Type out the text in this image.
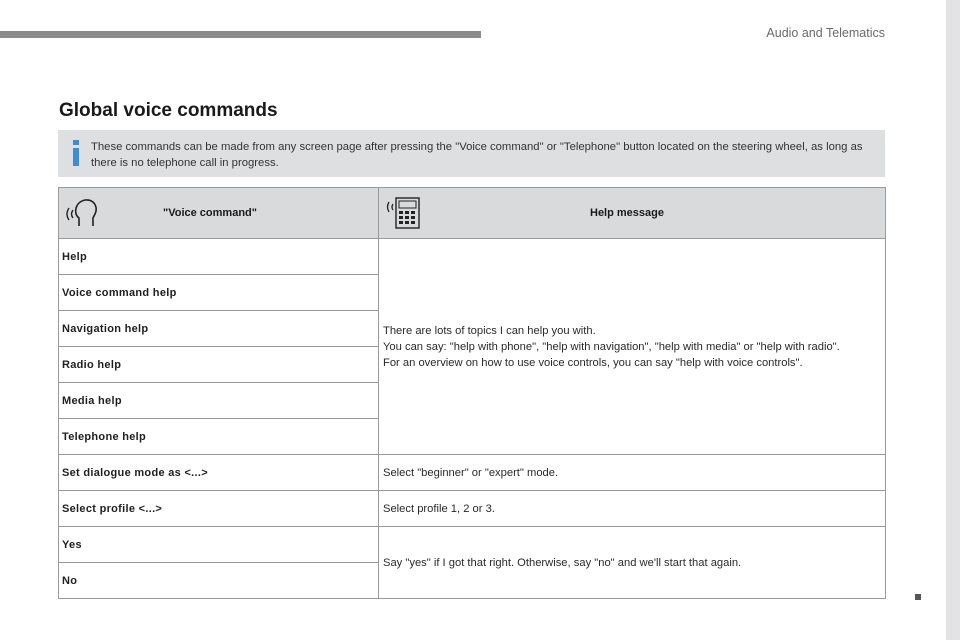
Audio and Telematics
Global voice commands
These commands can be made from any screen page after pressing the "Voice command" or "Telephone" button located on the steering wheel, as long as there is no telephone call in progress.
"Voice command"	Help message

Help	There are lots of topics I can help you with.
You can say: "help with phone", "help with navigation", "help with media" or "help with radio". For an overview on how to use voice controls, you can say "help with voice controls".

Voice command help	
Navigation help	
Radio help	
Media help	
Telephone help	
Set dialogue mode as <...>	Select "beginner" or "expert" mode.
Select profile <...>	Select profile 1, 2 or 3.
Yes	Say "yes" if I got that right. Otherwise, say "no" and we'll start that again.
No	
